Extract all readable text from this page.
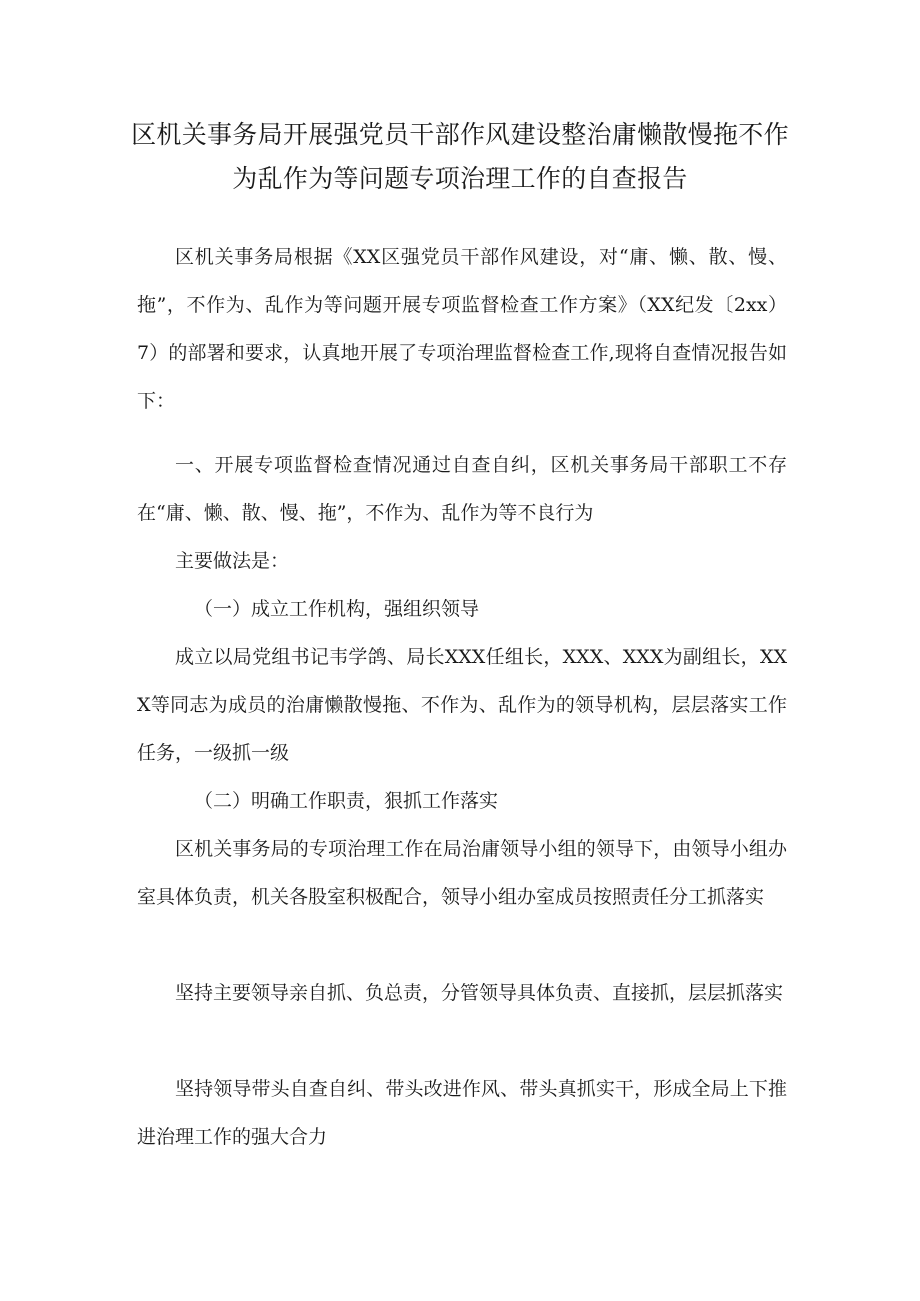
区机关事务局开展强党员干部作风建设整治庸懒散慢拖不作
为乱作为等问题专项治理工作的自查报告

区机关事务局根据《XX区强党员干部作风建设，对“庸、懒、散、慢、拖”，不作为、乱作为等问题开展专项监督检查工作方案》（XX纪发〔2xx）7）的部署和要求，认真地开展了专项治理监督检查工作,现将自查情况报告如下：

一、开展专项监督检查情况通过自查自纠，区机关事务局干部职工不存在“庸、懒、散、慢、拖”，不作为、乱作为等不良行为

主要做法是：

（一）成立工作机构，强组织领导

成立以局党组书记韦学鸽、局长XXX任组长，XXX、XXX为副组长，XXX等同志为成员的治庸懒散慢拖、不作为、乱作为的领导机构，层层落实工作任务，一级抓一级

（二）明确工作职责，狠抓工作落实

区机关事务局的专项治理工作在局治庸领导小组的领导下，由领导小组办室具体负责，机关各股室积极配合，领导小组办室成员按照责任分工抓落实

坚持主要领导亲自抓、负总责，分管领导具体负责、直接抓，层层抓落实

坚持领导带头自查自纠、带头改进作风、带头真抓实干，形成全局上下推进治理工作的强大合力
